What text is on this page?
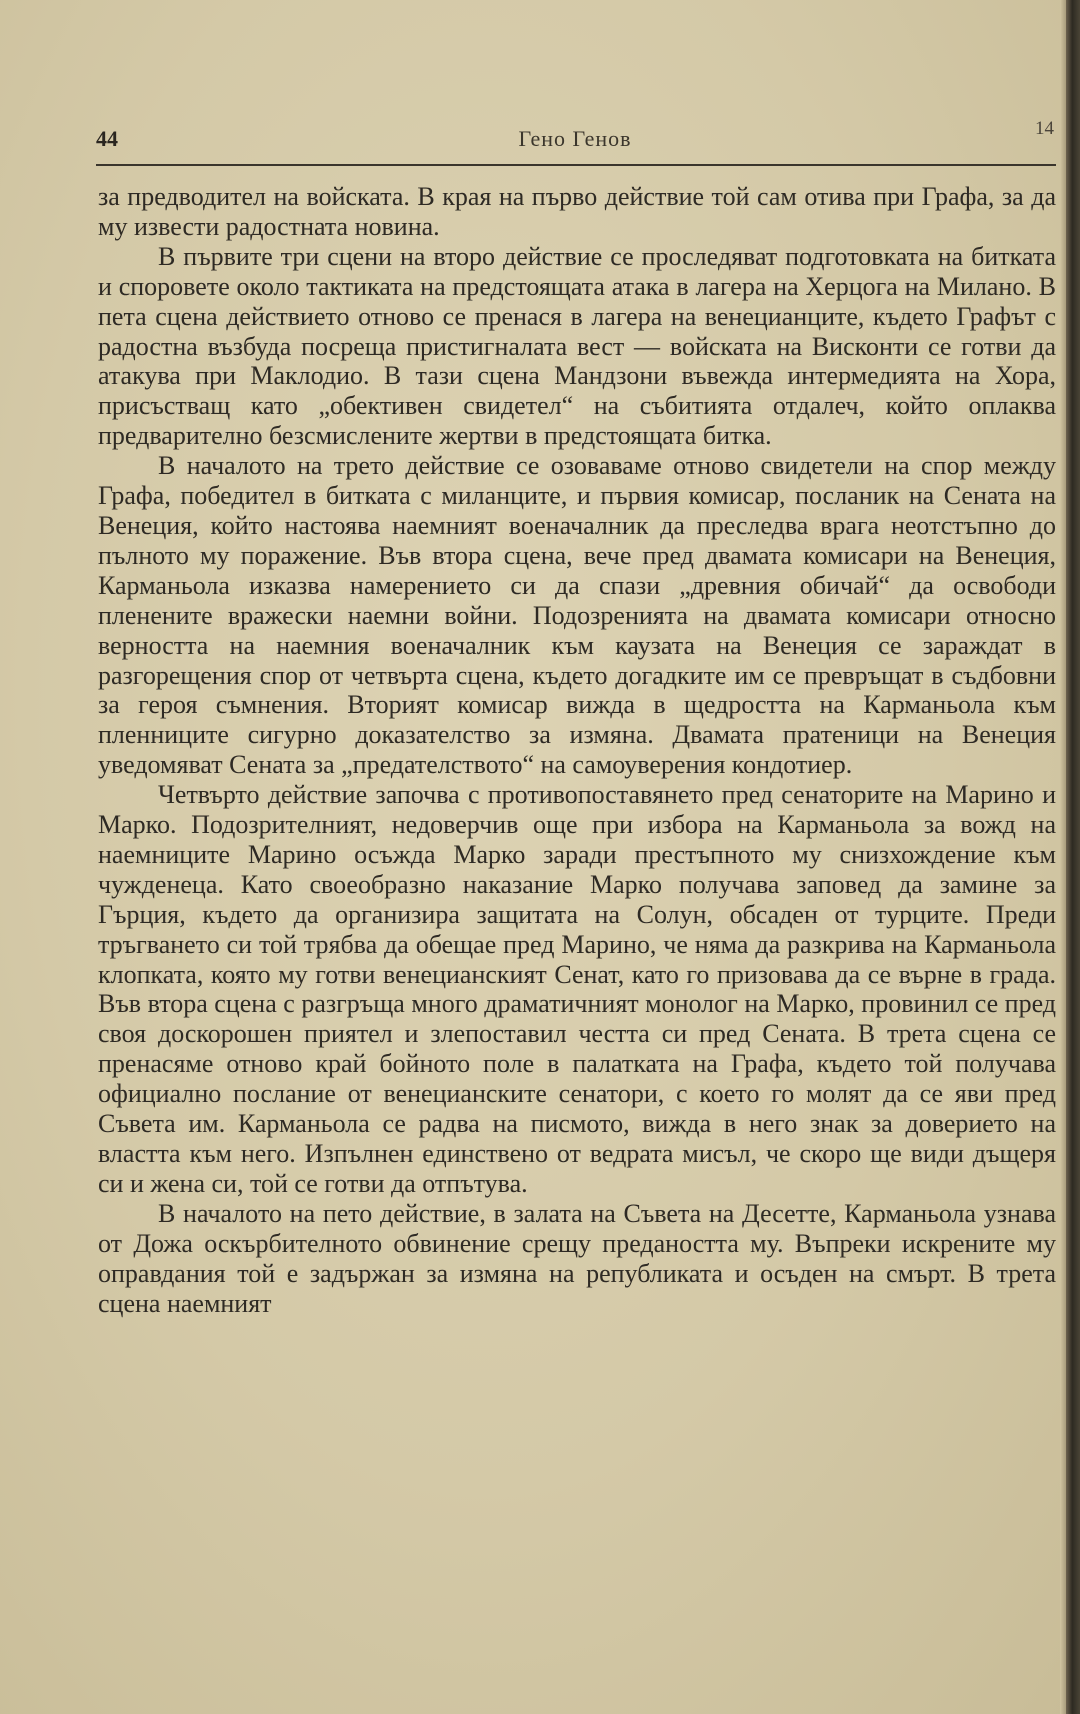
44	Гено Генов	14

за предводител на войската. В края на първо действие той сам отива при Графа, за да му извести радостната новина.

В първите три сцени на второ действие се проследяват подготовката на битката и споровете около тактиката на предстоящата атака в лагера на Херцога на Милано. В пета сцена действието отново се пренася в лагера на венецианците, където Графът с радостна възбуда посреща пристигналата вест — войската на Висконти се готви да атакува при Маклодио. В тази сцена Мандзони въвежда интермедията на Хора, присъстващ като „обективен свидетел“ на събитията отдалеч, който оплаква предварително безсмислените жертви в предстоящата битка.

В началото на трето действие се озоваваме отново свидетели на спор между Графа, победител в битката с миланците, и първия комисар, посланик на Сената на Венеция, който настоява наемният военачалник да преследва врага неотстъпно до пълното му поражение. Във втора сцена, вече пред двамата комисари на Венеция, Карманьола изказва намерението си да спази „древния обичай“ да освободи пленените вражески наемни войни. Подозренията на двамата комисари относно верността на наемния военачалник към каузата на Венеция се зараждат в разгорещения спор от четвърта сцена, където догадките им се превръщат в съдбовни за героя съмнения. Вторият комисар вижда в щедростта на Карманьола към пленниците сигурно доказателство за измяна. Двамата пратеници на Венеция уведомяват Сената за „предателството“ на самоуверения кондотиер.

Четвърто действие започва с противопоставянето пред сенаторите на Марино и Марко. Подозрителният, недоверчив още при избора на Карманьола за вожд на наемниците Марино осъжда Марко заради престъпното му снизхождение към чужденеца. Като своеобразно наказание Марко получава заповед да замине за Гърция, където да организира защитата на Солун, обсаден от турците. Преди тръгването си той трябва да обещае пред Марино, че няма да разкрива на Карманьола клопката, която му готви венецианският Сенат, като го призовава да се върне в града. Във втора сцена с разгръща много драматичният монолог на Марко, провинил се пред своя доскорошен приятел и злепоставил честта си пред Сената. В трета сцена се пренасяме отново край бойното поле в палатката на Графа, където той получава официално послание от венецианските сенатори, с което го молят да се яви пред Съвета им. Карманьола се радва на писмото, вижда в него знак за доверието на властта към него. Изпълнен единствено от ведрата мисъл, че скоро ще види дъщеря си и жена си, той се готви да отпътува.

В началото на пето действие, в залата на Съвета на Десетте, Карманьола узнава от Дожа оскърбителното обвинение срещу предаността му. Въпреки искрените му оправдания той е задържан за измяна на републиката и осъден на смърт. В трета сцена наемният
